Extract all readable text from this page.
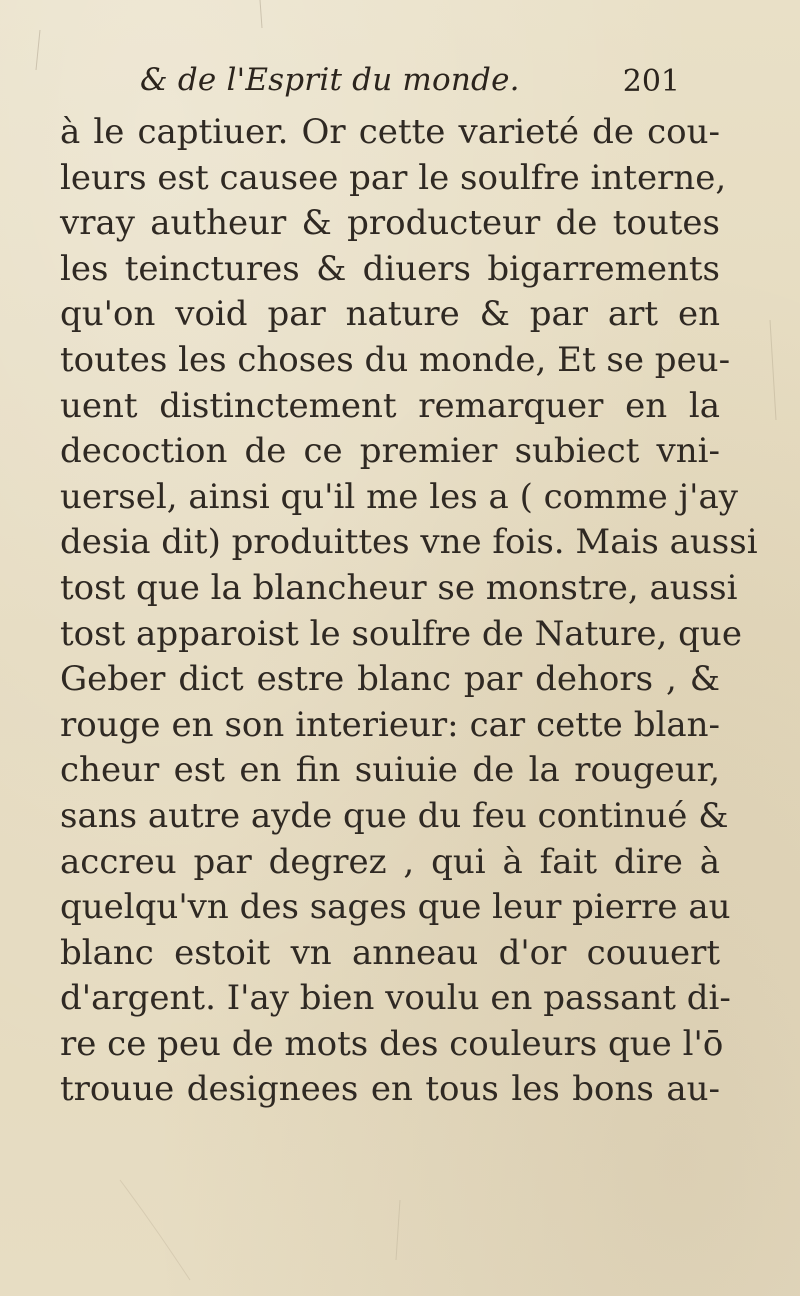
& de l'Esprit du monde.	201
à le captiuer. Or cette varieté de cou-
leurs est causee par le soulfre interne,
vray autheur & producteur de toutes
les teinctures & diuers bigarrements
qu'on void par nature & par art en
toutes les choses du monde, Et se peu-
uent distinctement remarquer en la
decoction de ce premier subiect vni-
uersel, ainsi qu'il me les a ( comme j'ay
desia dit) produittes vne fois. Mais aussi
tost que la blancheur se monstre, aussi
tost apparoist le soulfre de Nature, que
Geber dict estre blanc par dehors , &
rouge en son interieur: car cette blan-
cheur est en fin suiuie de la rougeur,
sans autre ayde que du feu continué &
accreu par degrez , qui à fait dire à
quelqu'vn des sages que leur pierre au
blanc estoit vn anneau d'or couuert
d'argent. I'ay bien voulu en passant di-
re ce peu de mots des couleurs que l'ō
trouue designees en tous les bons au-
